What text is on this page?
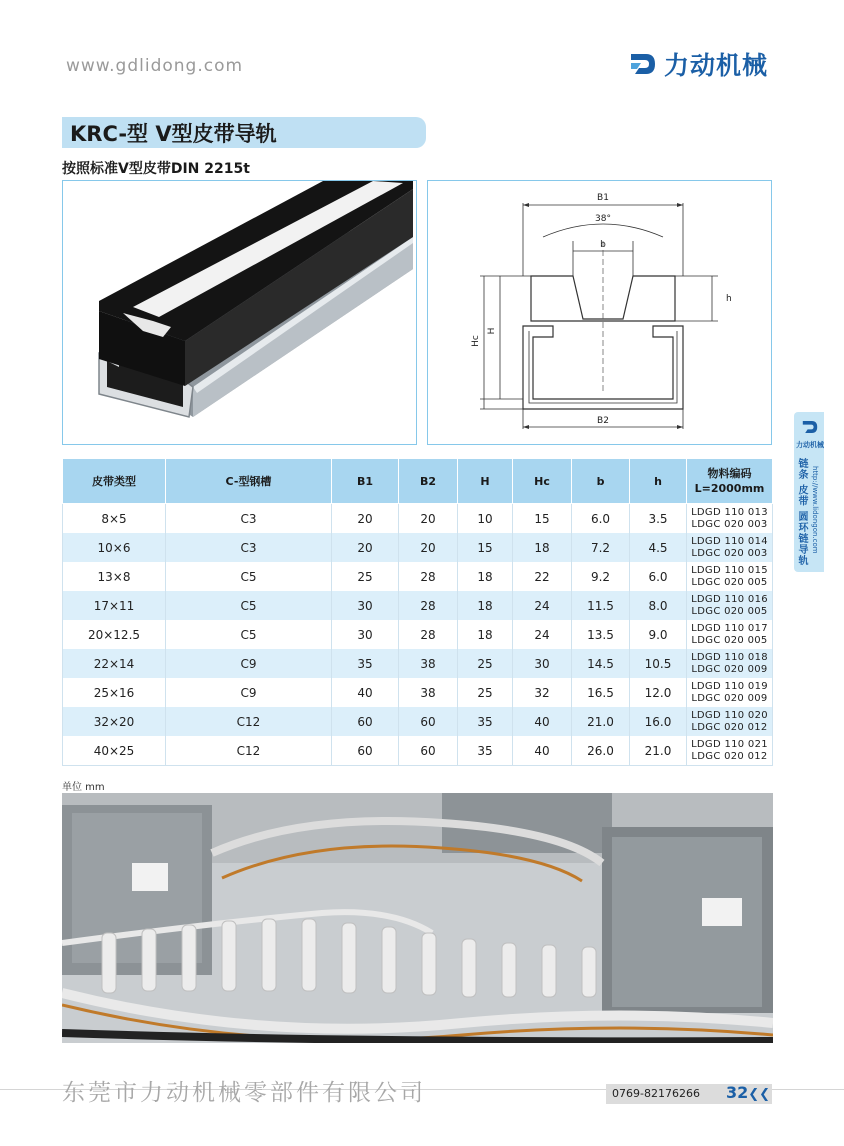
www.gdlidong.com	力动机械
KRC-型 V型皮带导轨
按照标准V型皮带DIN 2215t
B1
38°
b
h
H
Hc
B2
力动机械
链条 皮带 圆环链导轨 http://www.lidongon.com
皮带类型	C-型钢槽	B1	B2	H	Hc	b	h	物料编码
L=2000mm

8×5	C3	20	20	10	15	6.0	3.5	LDGD 110 013
LDGC 020 003

10×6	C3	20	20	15	18	7.2	4.5	LDGD 110 014
LDGC 020 003

13×8	C5	25	28	18	22	9.2	6.0	LDGD 110 015
LDGC 020 005

17×11	C5	30	28	18	24	11.5	8.0	LDGD 110 016
LDGC 020 005

20×12.5	C5	30	28	18	24	13.5	9.0	LDGD 110 017
LDGC 020 005

22×14	C9	35	38	25	30	14.5	10.5	LDGD 110 018
LDGC 020 009

25×16	C9	40	38	25	32	16.5	12.0	LDGD 110 019
LDGC 020 009

32×20	C12	60	60	35	40	21.0	16.0	LDGD 110 020
LDGC 020 012

40×25	C12	60	60	35	40	26.0	21.0	LDGD 110 021
LDGC 020 012
单位 mm
东莞市力动机械零部件有限公司	0769-82176266 32❮❮
